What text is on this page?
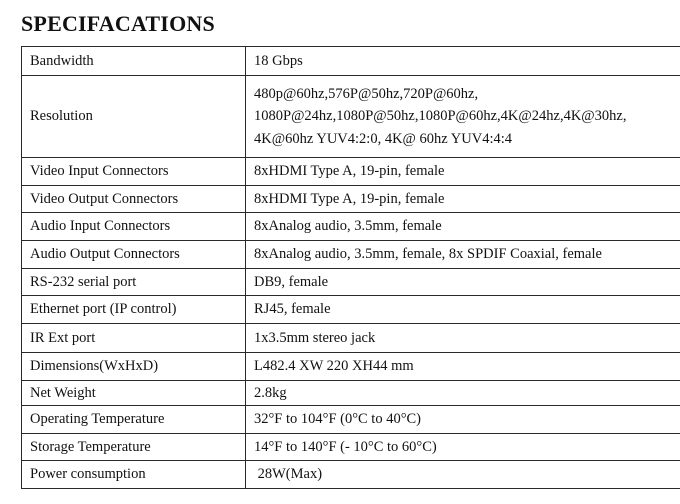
SPECIFACATIONS
Bandwidth	18 Gbps
Resolution	480p@60hz,576P@50hz,720P@60hz, 1080P@24hz,1080P@50hz,1080P@60hz,4K@24hz,4K@30hz, 4K@60hz YUV4:2:0, 4K@ 60hz YUV4:4:4
Video Input Connectors	8xHDMI Type A, 19-pin, female
Video Output Connectors	8xHDMI Type A, 19-pin, female
Audio Input Connectors	8xAnalog audio, 3.5mm, female
Audio Output Connectors	8xAnalog audio, 3.5mm, female, 8x SPDIF Coaxial, female
RS-232 serial port	DB9, female
Ethernet port (IP control)	RJ45, female
IR Ext port	1x3.5mm stereo jack
Dimensions(WxHxD)	L482.4 XW 220 XH44 mm
Net Weight	2.8kg
Operating Temperature	32°F to 104°F (0°C to 40°C)
Storage Temperature	14°F to 140°F (- 10°C to 60°C)
Power consumption	28W(Max)
